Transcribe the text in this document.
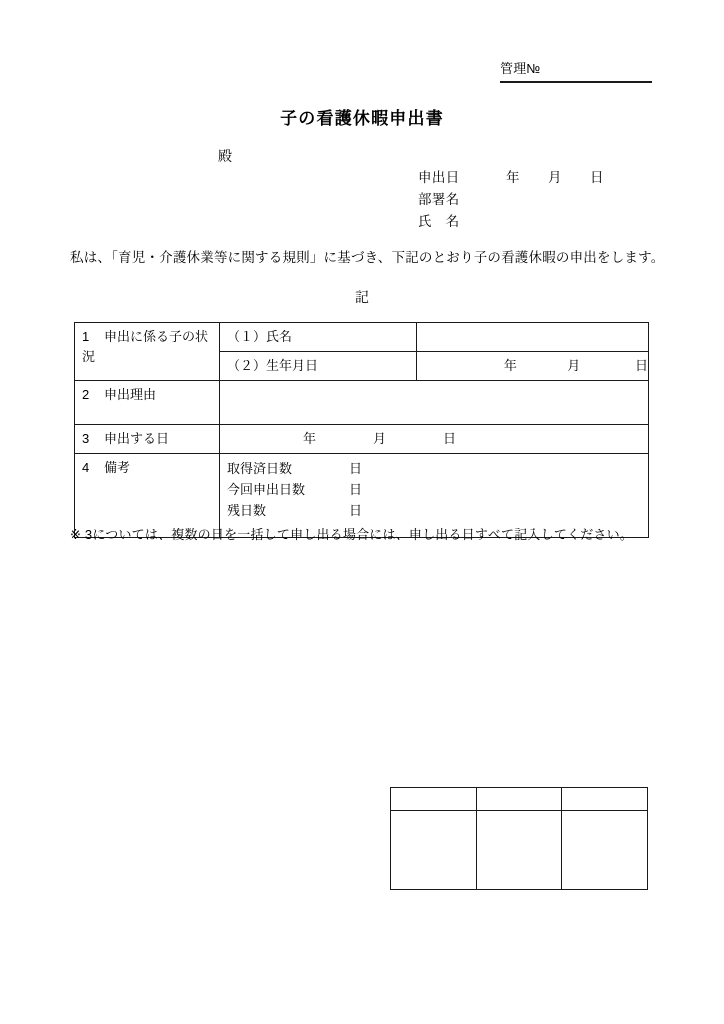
管理№
子の看護休暇申出書
殿
申出日	年	月	日
部署名
氏　名
私は、「育児・介護休業等に関する規則」に基づき、下記のとおり子の看護休暇の申出をします。
記
1 申出に係る子の状況	（１）氏名	

	（２）生年月日	年 月 日

2 申出理由		

3 申出する日	年 月 日	

4 備考	取得済日数	日
今回申出日数	日
残日数	日
※ 3については、複数の日を一括して申し出る場合には、申し出る日すべて記入してください。
